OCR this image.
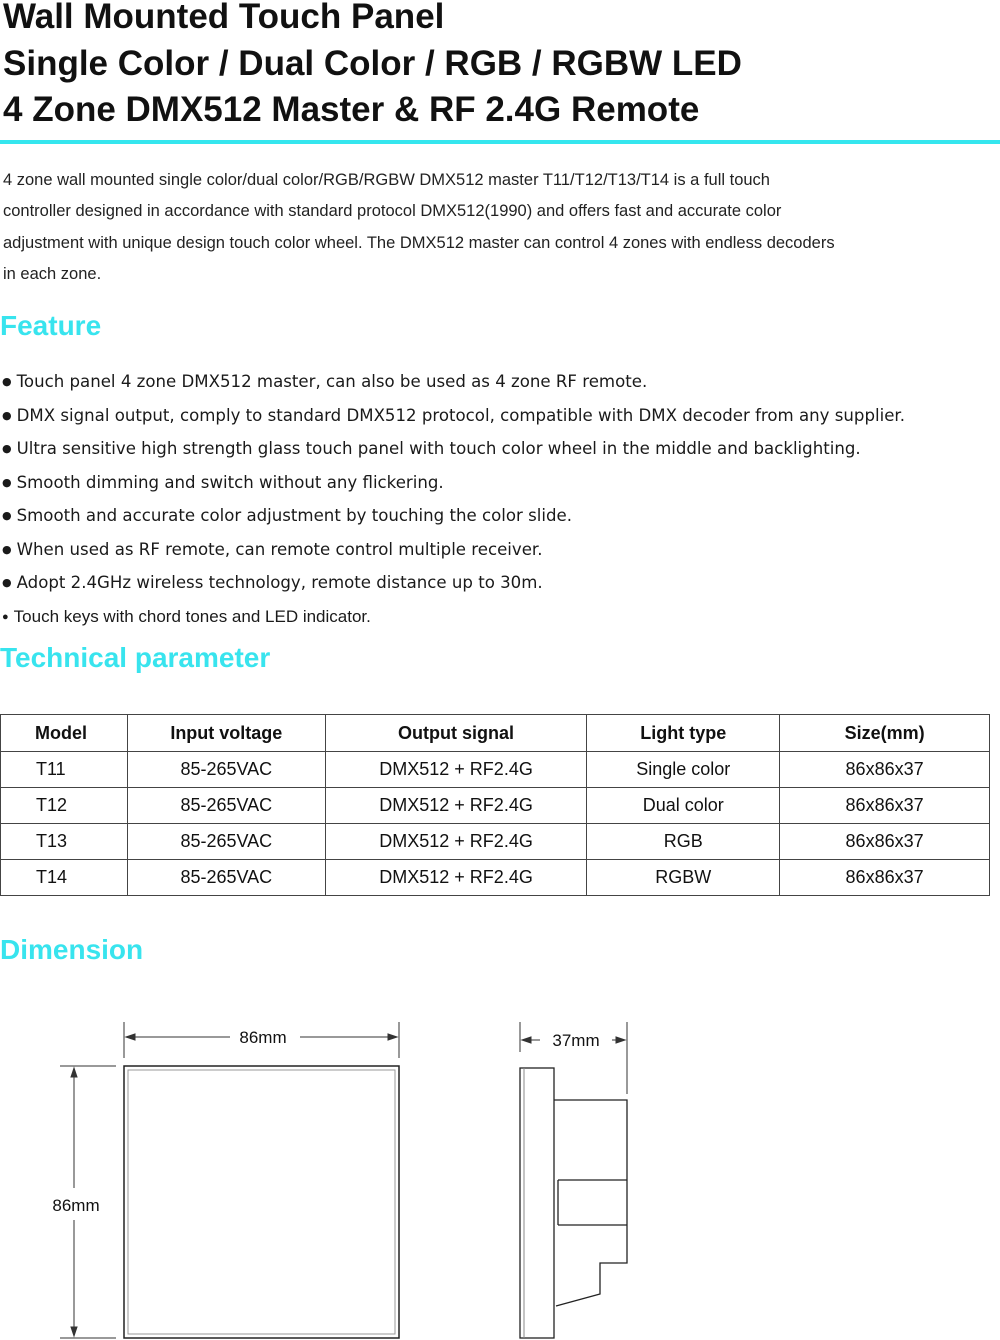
Wall Mounted Touch Panel
Single Color / Dual Color / RGB / RGBW LED
4 Zone DMX512 Master & RF 2.4G Remote

4 zone wall mounted single color/dual color/RGB/RGBW DMX512 master T11/T12/T13/T14 is a full touch

controller designed in accordance with standard protocol DMX512(1990) and offers fast and accurate color

adjustment with unique design touch color wheel. The DMX512 master can control 4 zones with endless decoders

in each zone.

Feature
● Touch panel 4 zone DMX512 master, can also be used as 4 zone RF remote.
● DMX signal output, comply to standard DMX512 protocol, compatible with DMX decoder from any supplier.
● Ultra sensitive high strength glass touch panel with touch color wheel in the middle and backlighting.
● Smooth dimming and switch without any flickering.
● Smooth and accurate color adjustment by touching the color slide.
● When used as RF remote, can remote control multiple receiver.
● Adopt 2.4GHz wireless technology, remote distance up to 30m.
● Touch keys with chord tones and LED indicator.
Technical parameter
Model	Input voltage	Output signal	Light type	Size(mm)
T11	85-265VAC	DMX512 + RF2.4G	Single color	86x86x37
T12	85-265VAC	DMX512 + RF2.4G	Dual color	86x86x37
T13	85-265VAC	DMX512 + RF2.4G	RGB	86x86x37
T14	85-265VAC	DMX512 + RF2.4G	RGBW	86x86x37
Dimension
86mm
86mm
37mm
